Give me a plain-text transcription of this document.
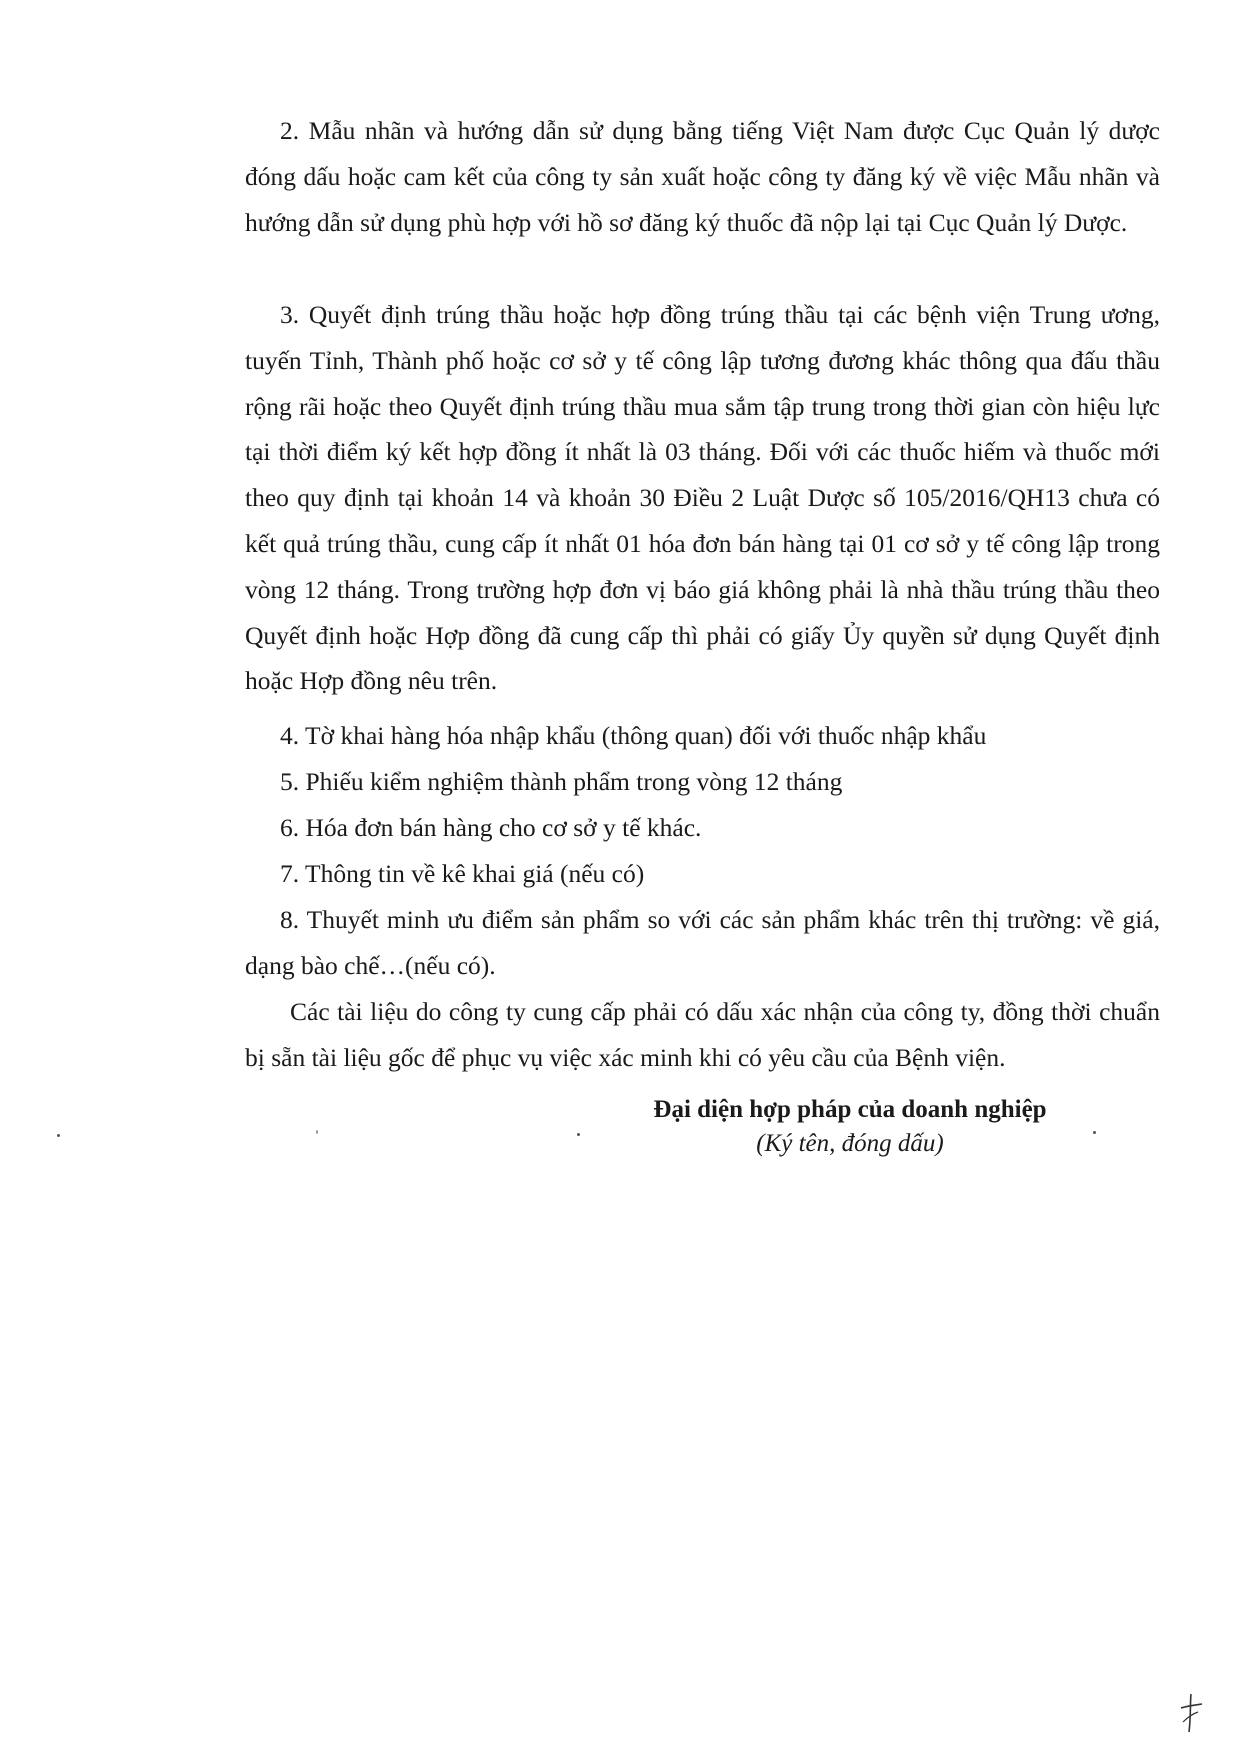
2. Mẫu nhãn và hướng dẫn sử dụng bằng tiếng Việt Nam được Cục Quản lý dược đóng dấu hoặc cam kết của công ty sản xuất hoặc công ty đăng ký về việc Mẫu nhãn và hướng dẫn sử dụng phù hợp với hồ sơ đăng ký thuốc đã nộp lại tại Cục Quản lý Dược.

3. Quyết định trúng thầu hoặc hợp đồng trúng thầu tại các bệnh viện Trung ương, tuyến Tỉnh, Thành phố hoặc cơ sở y tế công lập tương đương khác thông qua đấu thầu rộng rãi hoặc theo Quyết định trúng thầu mua sắm tập trung trong thời gian còn hiệu lực tại thời điểm ký kết hợp đồng ít nhất là 03 tháng. Đối với các thuốc hiếm và thuốc mới theo quy định tại khoản 14 và khoản 30 Điều 2 Luật Dược số 105/2016/QH13 chưa có kết quả trúng thầu, cung cấp ít nhất 01 hóa đơn bán hàng tại 01 cơ sở y tế công lập trong vòng 12 tháng. Trong trường hợp đơn vị báo giá không phải là nhà thầu trúng thầu theo Quyết định hoặc Hợp đồng đã cung cấp thì phải có giấy Ủy quyền sử dụng Quyết định hoặc Hợp đồng nêu trên.

4. Tờ khai hàng hóa nhập khẩu (thông quan) đối với thuốc nhập khẩu

5. Phiếu kiểm nghiệm thành phẩm trong vòng 12 tháng

6. Hóa đơn bán hàng cho cơ sở y tế khác.

7. Thông tin về kê khai giá (nếu có)

8. Thuyết minh ưu điểm sản phẩm so với các sản phẩm khác trên thị trường: về giá, dạng bào chế…(nếu có).

Các tài liệu do công ty cung cấp phải có dấu xác nhận của công ty, đồng thời chuẩn bị sẵn tài liệu gốc để phục vụ việc xác minh khi có yêu cầu của Bệnh viện.

Đại diện hợp pháp của doanh nghiệp

(Ký tên, đóng dấu)
